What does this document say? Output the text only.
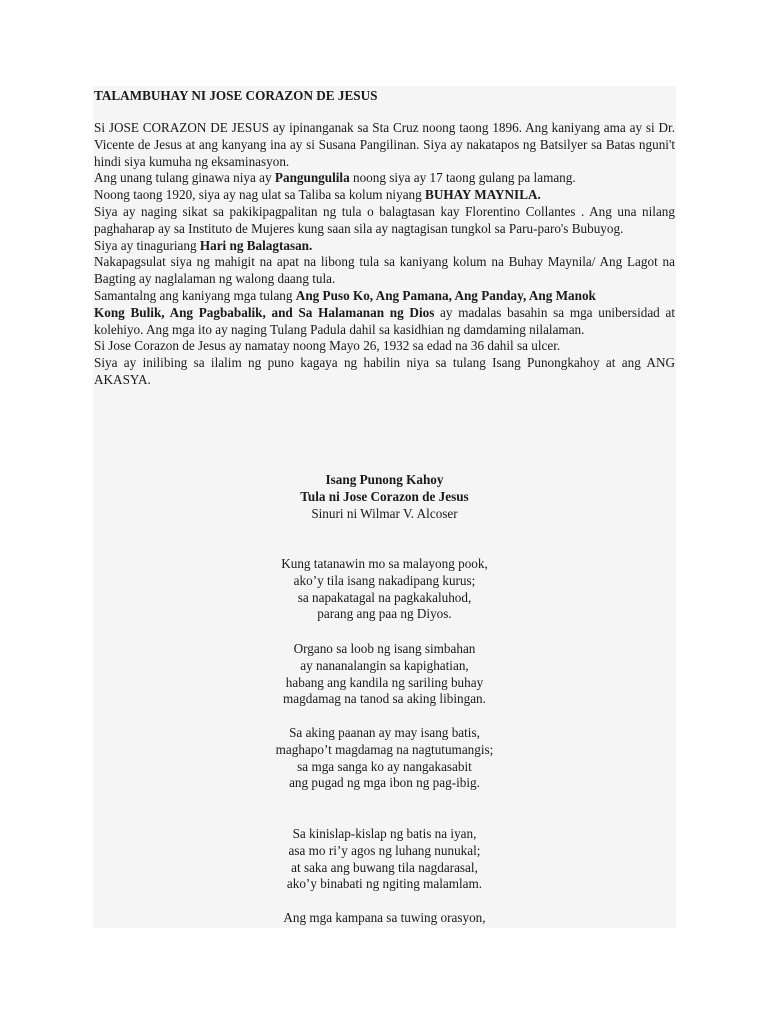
TALAMBUHAY NI JOSE CORAZON DE JESUS

Si JOSE CORAZON DE JESUS ay ipinanganak sa Sta Cruz noong taong 1896. Ang kaniyang ama ay si Dr. Vicente de Jesus at ang kanyang ina ay si Susana Pangilinan. Siya ay nakatapos ng Batsilyer sa Batas nguni't hindi siya kumuha ng eksaminasyon.

Ang unang tulang ginawa niya ay Pangungulila noong siya ay 17 taong gulang pa lamang.

Noong taong 1920, siya ay nag ulat sa Taliba sa kolum niyang BUHAY MAYNILA.

Siya ay naging sikat sa pakikipagpalitan ng tula o balagtasan kay Florentino Collantes . Ang una nilang paghaharap ay sa Instituto de Mujeres kung saan sila ay nagtagisan tungkol sa Paru-paro's Bubuyog.

Siya ay tinaguriang Hari ng Balagtasan.

Nakapagsulat siya ng mahigit na apat na libong tula sa kaniyang kolum na Buhay Maynila/ Ang Lagot na Bagting ay naglalaman ng walong daang tula.

Samantalng ang kaniyang mga tulang Ang Puso Ko, Ang Pamana, Ang Panday, Ang Manok

Kong Bulik, Ang Pagbabalik, and Sa Halamanan ng Dios ay madalas basahin sa mga unibersidad at kolehiyo. Ang mga ito ay naging Tulang Padula dahil sa kasidhian ng damdaming nilalaman.

Si Jose Corazon de Jesus ay namatay noong Mayo 26, 1932 sa edad na 36 dahil sa ulcer.

Siya ay inilibing sa ilalim ng puno kagaya ng habilin niya sa tulang Isang Punongkahoy at ang ANG AKASYA.

Isang Punong Kahoy
Tula ni Jose Corazon de Jesus
Sinuri ni Wilmar V. Alcoser
Kung tatanawin mo sa malayong pook,
ako’y tila isang nakadipang kurus;
sa napakatagal na pagkakaluhod,
parang ang paa ng Diyos.
Organo sa loob ng isang simbahan
ay nananalangin sa kapighatian,
habang ang kandila ng sariling buhay
magdamag na tanod sa aking libingan.
Sa aking paanan ay may isang batis,
maghapo’t magdamag na nagtutumangis;
sa mga sanga ko ay nangakasabit
ang pugad ng mga ibon ng pag-ibig.
Sa kinislap-kislap ng batis na iyan,
asa mo ri’y agos ng luhang nunukal;
at saka ang buwang tila nagdarasal,
ako’y binabati ng ngiting malamlam.
Ang mga kampana sa tuwing orasyon,
